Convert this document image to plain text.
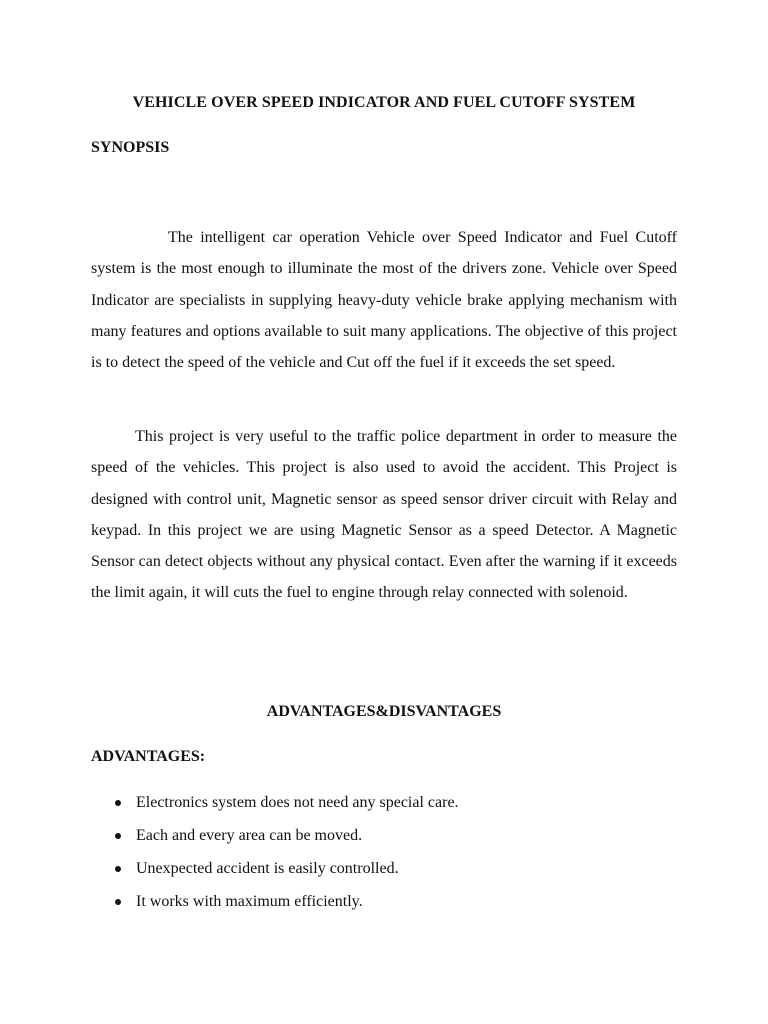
VEHICLE OVER SPEED INDICATOR AND FUEL CUTOFF SYSTEM
SYNOPSIS

The intelligent car operation Vehicle over Speed Indicator and Fuel Cutoff system is the most enough to illuminate the most of the drivers zone. Vehicle over Speed Indicator are specialists in supplying heavy-duty vehicle brake applying mechanism with many features and options available to suit many applications. The objective of this project is to detect the speed of the vehicle and Cut off the fuel if it exceeds the set speed.

This project is very useful to the traffic police department in order to measure the speed of the vehicles. This project is also used to avoid the accident. This Project is designed with control unit, Magnetic sensor as speed sensor driver circuit with Relay and keypad. In this project we are using Magnetic Sensor as a speed Detector. A Magnetic Sensor can detect objects without any physical contact. Even after the warning if it exceeds the limit again, it will cuts the fuel to engine through relay connected with solenoid.

ADVANTAGES&DISVANTAGES
ADVANTAGES:
Electronics system does not need any special care.
Each and every area can be moved.
Unexpected accident is easily controlled.
It works with maximum efficiently.
